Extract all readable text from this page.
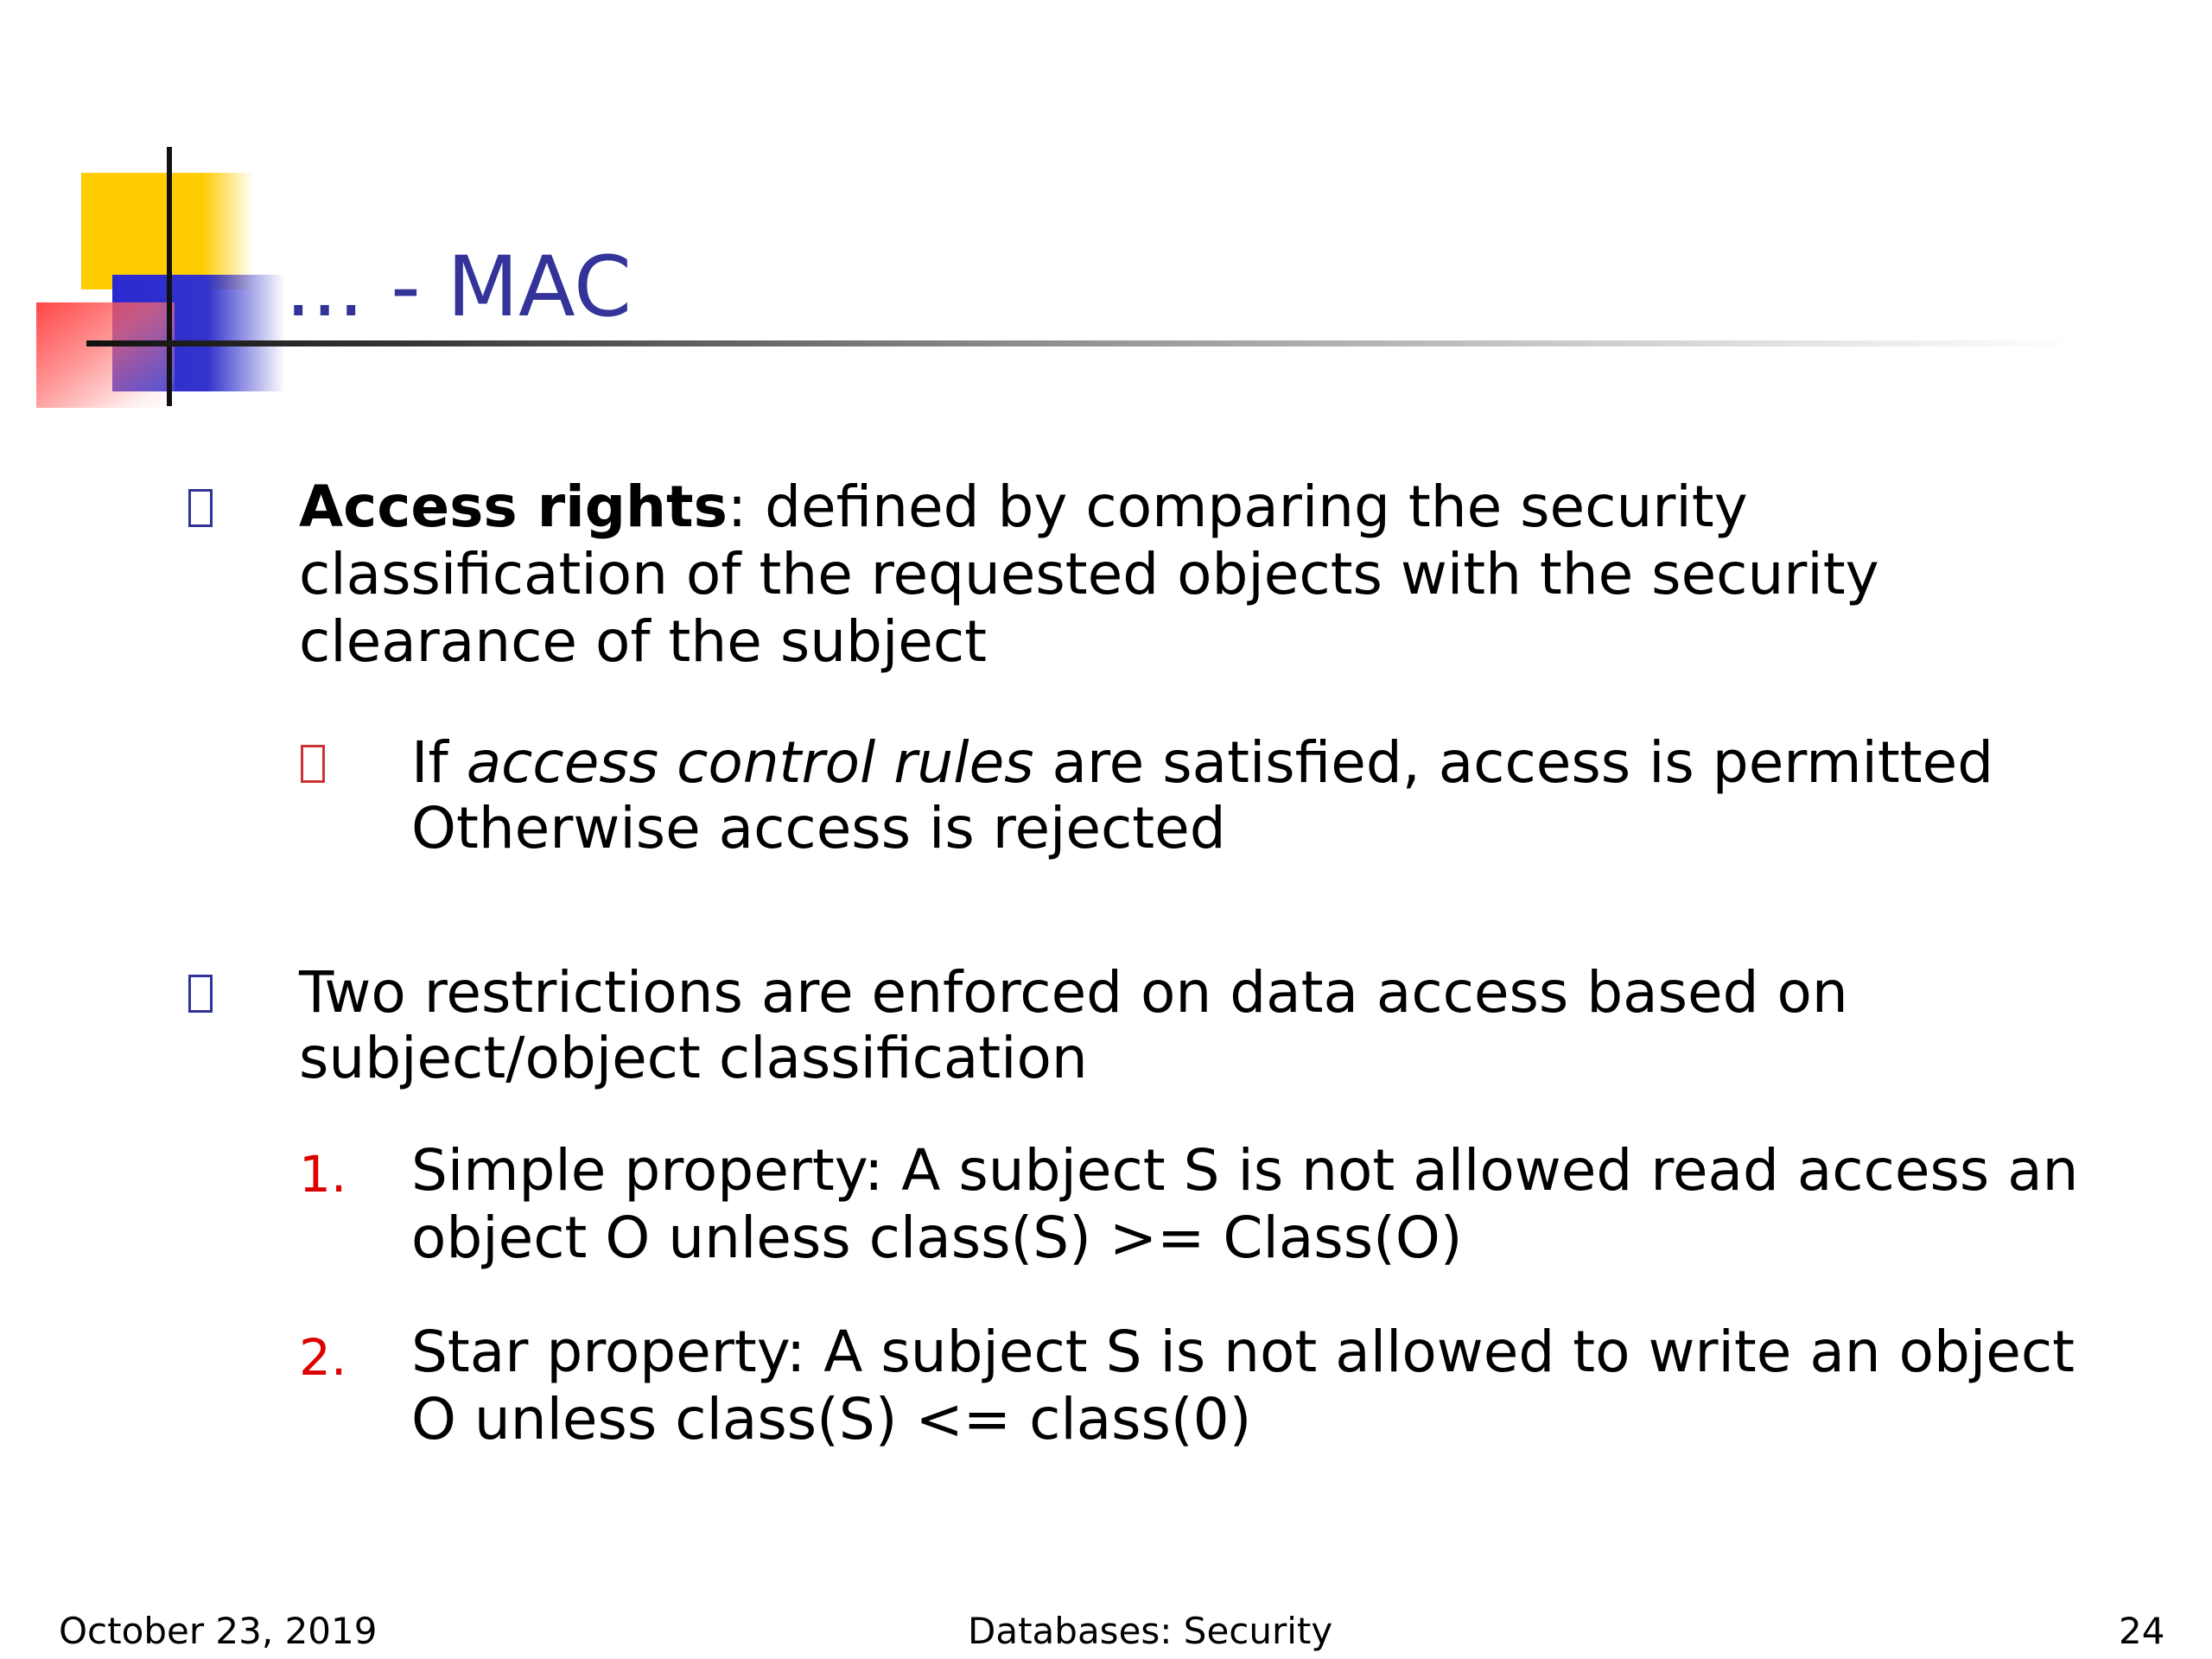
... - MAC
Access rights: defined by comparing the security
classification of the requested objects with the security
clearance of the subject
If access control rules are satisfied, access is permitted
Otherwise access is rejected
Two restrictions are enforced on data access based on
subject/object classification
1. Simple property: A subject S is not allowed read access an
object O unless class(S) >= Class(O)
2. Star property: A subject S is not allowed to write an object
O unless class(S) <= class(0)
October 23, 2019	Databases: Security	24
